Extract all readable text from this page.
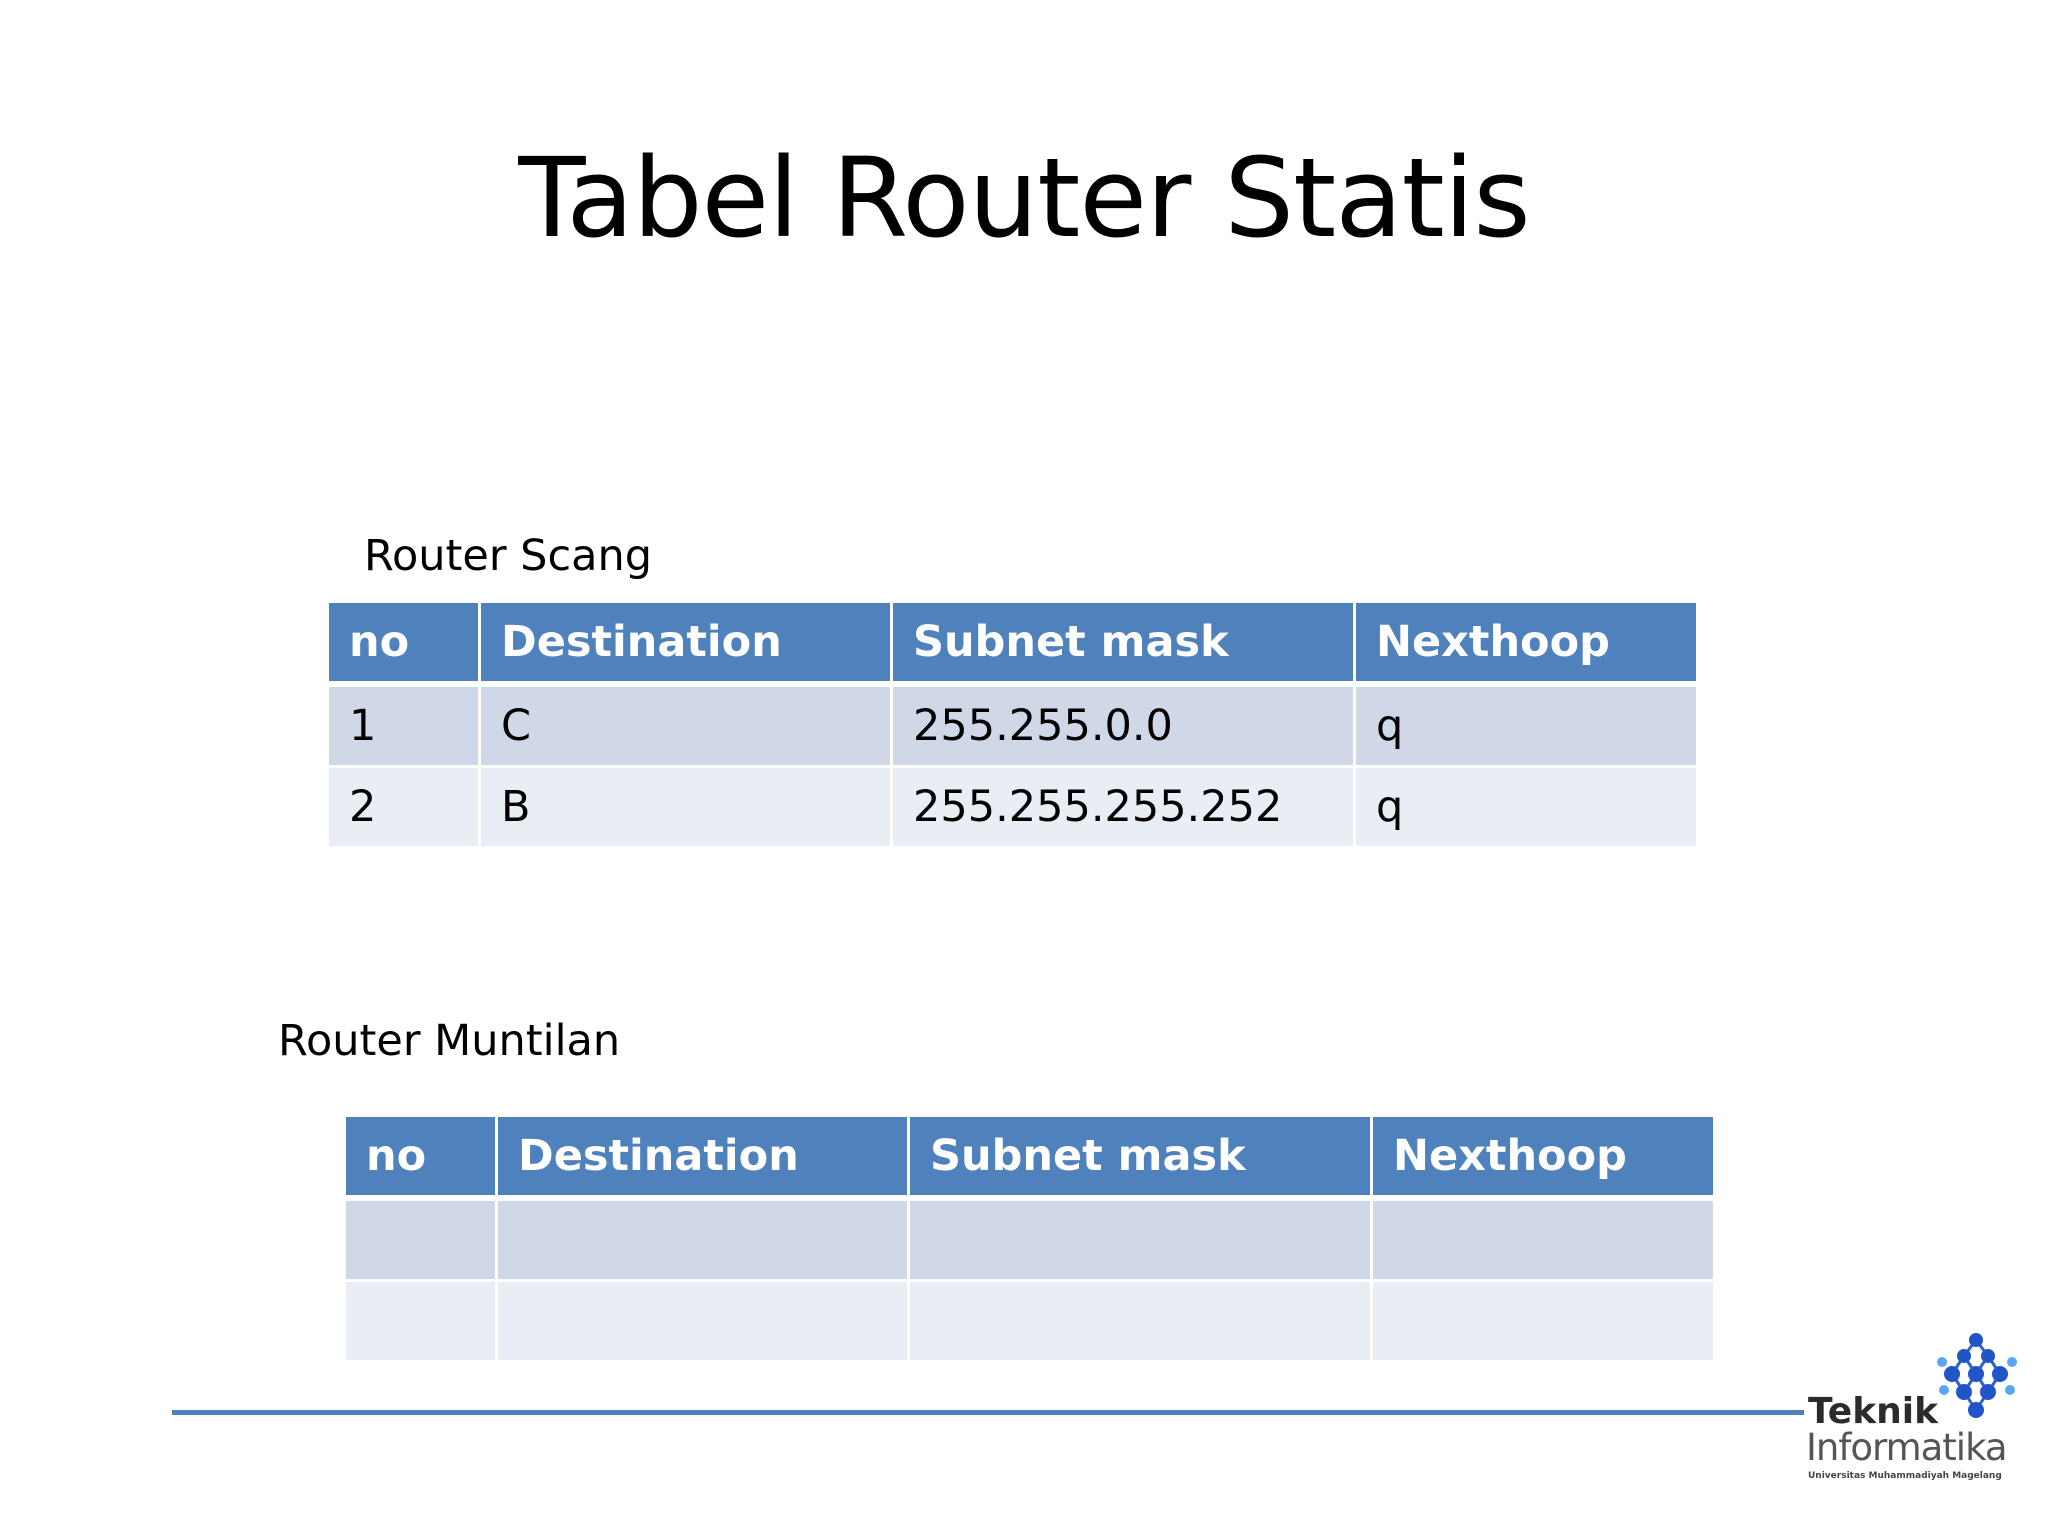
Tabel Router Statis
Router Scang
no	Destination	Subnet mask	Nexthoop
1	C	255.255.0.0	q
2	B	255.255.255.252	q
Router Muntilan
no	Destination	Subnet mask	Nexthoop

Teknik
Informatika
Universitas Muhammadiyah Magelang
